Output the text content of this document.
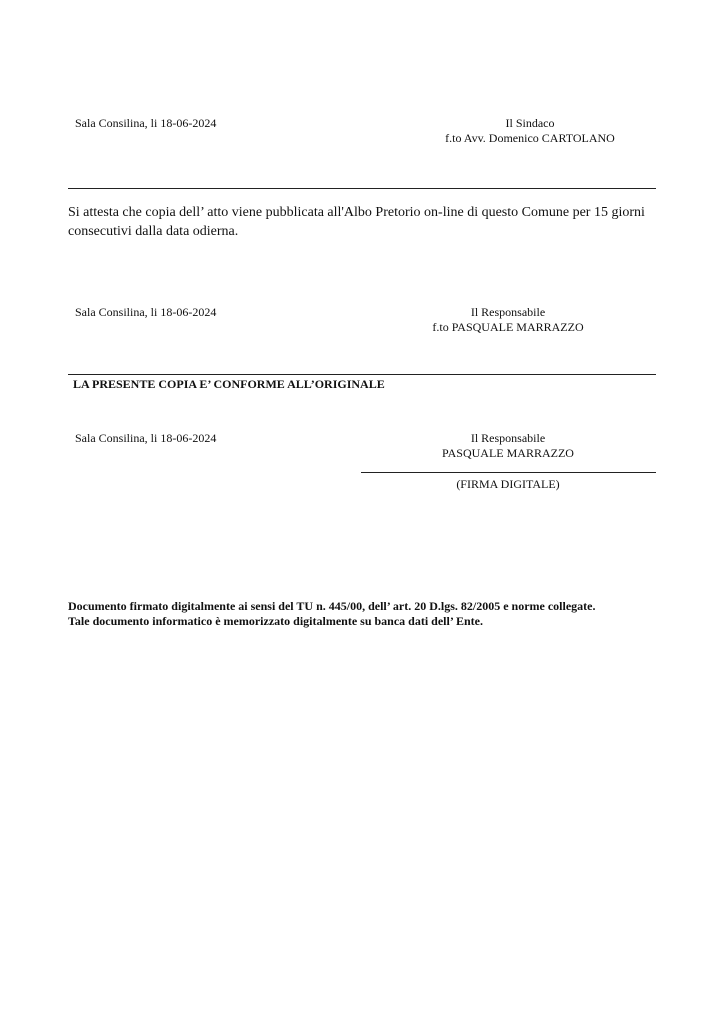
Sala Consilina, li 18-06-2024	Il Sindaco
f.to Avv. Domenico CARTOLANO
Si attesta che copia dell’ atto viene pubblicata all'Albo Pretorio on-line di questo Comune per 15 giorni
consecutivi dalla data odierna.
Sala Consilina, li 18-06-2024	Il Responsabile
f.to PASQUALE MARRAZZO
LA PRESENTE COPIA E’ CONFORME ALL’ORIGINALE
Sala Consilina, li 18-06-2024	Il Responsabile
PASQUALE MARRAZZO
(FIRMA DIGITALE)
Documento firmato digitalmente ai sensi del TU n. 445/00, dell’ art. 20 D.lgs. 82/2005 e norme collegate.
Tale documento informatico è memorizzato digitalmente su banca dati dell’ Ente.
